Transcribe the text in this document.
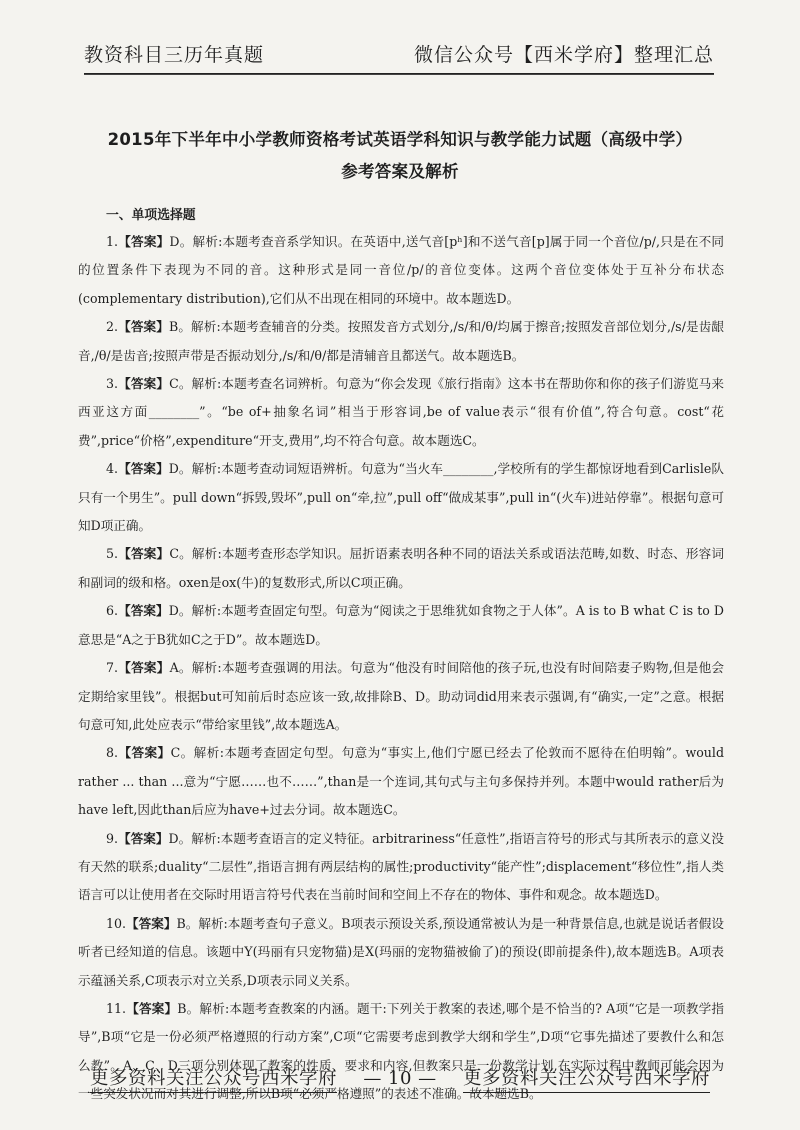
教资科目三历年真题	微信公众号【西米学府】整理汇总
2015年下半年中小学教师资格考试英语学科知识与教学能力试题（高级中学）
参考答案及解析
一、单项选择题

1.【答案】D。解析:本题考查音系学知识。在英语中,送气音[pʰ]和不送气音[p]属于同一个音位/p/,只是在不同的位置条件下表现为不同的音。这种形式是同一音位/p/的音位变体。这两个音位变体处于互补分布状态(complementary distribution),它们从不出现在相同的环境中。故本题选D。

2.【答案】B。解析:本题考查辅音的分类。按照发音方式划分,/s/和/θ/均属于擦音;按照发音部位划分,/s/是齿龈音,/θ/是齿音;按照声带是否振动划分,/s/和/θ/都是清辅音且都送气。故本题选B。

3.【答案】C。解析:本题考查名词辨析。句意为“你会发现《旅行指南》这本书在帮助你和你的孩子们游览马来西亚这方面________”。“be of+抽象名词”相当于形容词,be of value表示“很有价值”,符合句意。cost“花费”,price“价格”,expenditure“开支,费用”,均不符合句意。故本题选C。

4.【答案】D。解析:本题考查动词短语辨析。句意为“当火车________,学校所有的学生都惊讶地看到Carlisle队只有一个男生”。pull down“拆毁,毁坏”,pull on“牵,拉”,pull off“做成某事”,pull in“(火车)进站停靠”。根据句意可知D项正确。

5.【答案】C。解析:本题考查形态学知识。屈折语素表明各种不同的语法关系或语法范畴,如数、时态、形容词和副词的级和格。oxen是ox(牛)的复数形式,所以C项正确。

6.【答案】D。解析:本题考查固定句型。句意为“阅读之于思维犹如食物之于人体”。A is to B what C is to D意思是“A之于B犹如C之于D”。故本题选D。

7.【答案】A。解析:本题考查强调的用法。句意为“他没有时间陪他的孩子玩,也没有时间陪妻子购物,但是他会定期给家里钱”。根据but可知前后时态应该一致,故排除B、D。助动词did用来表示强调,有“确实,一定”之意。根据句意可知,此处应表示“带给家里钱”,故本题选A。

8.【答案】C。解析:本题考查固定句型。句意为“事实上,他们宁愿已经去了伦敦而不愿待在伯明翰”。would rather ... than ...意为“宁愿……也不……”,than是一个连词,其句式与主句多保持并列。本题中would rather后为have left,因此than后应为have+过去分词。故本题选C。

9.【答案】D。解析:本题考查语言的定义特征。arbitrariness“任意性”,指语言符号的形式与其所表示的意义没有天然的联系;duality“二层性”,指语言拥有两层结构的属性;productivity“能产性”;displacement“移位性”,指人类语言可以让使用者在交际时用语言符号代表在当前时间和空间上不存在的物体、事件和观念。故本题选D。

10.【答案】B。解析:本题考查句子意义。B项表示预设关系,预设通常被认为是一种背景信息,也就是说话者假设听者已经知道的信息。该题中Y(玛丽有只宠物猫)是X(玛丽的宠物猫被偷了)的预设(即前提条件),故本题选B。A项表示蕴涵关系,C项表示对立关系,D项表示同义关系。

11.【答案】B。解析:本题考查教案的内涵。题干:下列关于教案的表述,哪个是不恰当的? A项“它是一项教学指导”,B项“它是一份必须严格遵照的行动方案”,C项“它需要考虑到教学大纲和学生”,D项“它事先描述了要教什么和怎么教”。A、C、D三项分别体现了教案的性质、要求和内容,但教案只是一份教学计划,在实际过程中教师可能会因为一些突发状况而对其进行调整,所以B项“必须严格遵照”的表述不准确。故本题选B。

更多资料关注公众号西米学府 — 10 — 更多资料关注公众号西米学府
